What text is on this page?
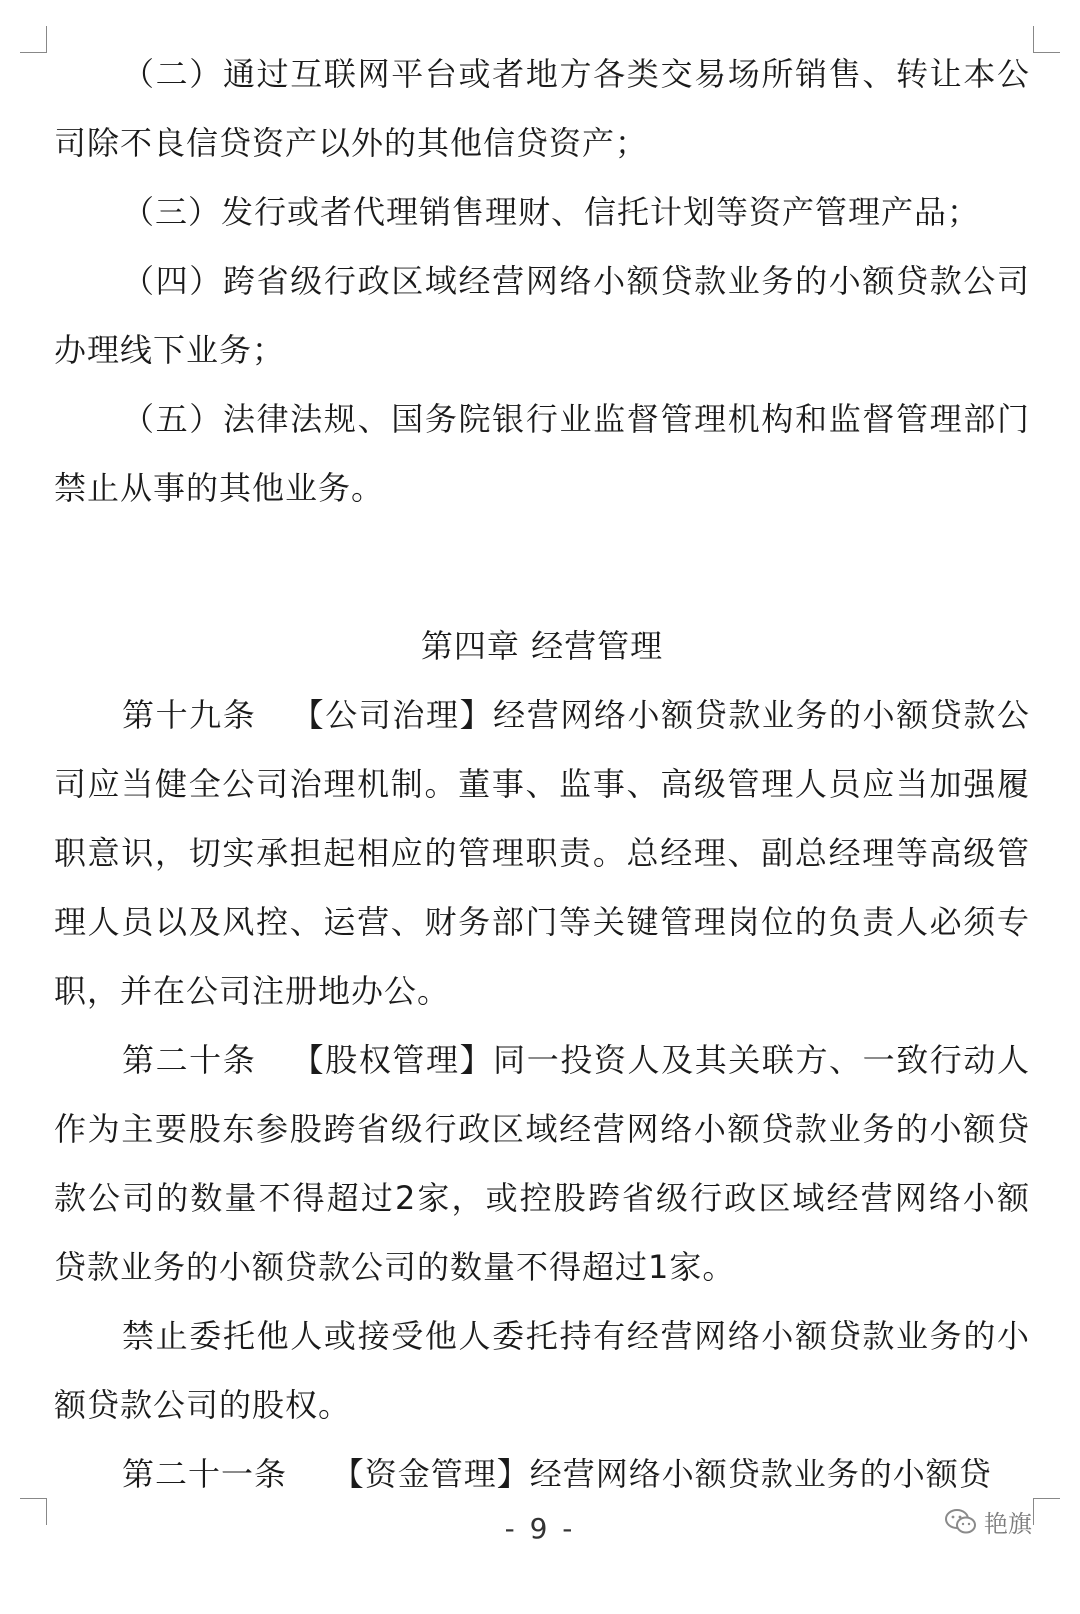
（二）通过互联网平台或者地方各类交易场所销售、转让本公司除不良信贷资产以外的其他信贷资产；

（三）发行或者代理销售理财、信托计划等资产管理产品；

（四）跨省级行政区域经营网络小额贷款业务的小额贷款公司办理线下业务；

（五）法律法规、国务院银行业监督管理机构和监督管理部门禁止从事的其他业务。

第四章 经营管理

第十九条 【公司治理】经营网络小额贷款业务的小额贷款公司应当健全公司治理机制。董事、监事、高级管理人员应当加强履职意识，切实承担起相应的管理职责。总经理、副总经理等高级管理人员以及风控、运营、财务部门等关键管理岗位的负责人必须专职，并在公司注册地办公。

第二十条 【股权管理】同一投资人及其关联方、一致行动人作为主要股东参股跨省级行政区域经营网络小额贷款业务的小额贷款公司的数量不得超过2家，或控股跨省级行政区域经营网络小额贷款业务的小额贷款公司的数量不得超过1家。

禁止委托他人或接受他人委托持有经营网络小额贷款业务的小额贷款公司的股权。

第二十一条 【资金管理】经营网络小额贷款业务的小额贷

- 9 -	艳旗
